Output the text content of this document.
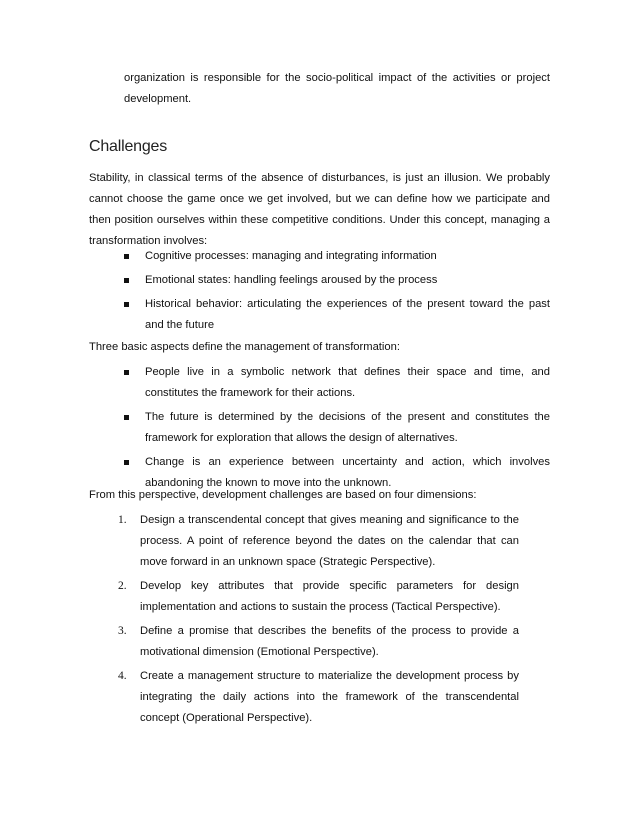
organization is responsible for the socio-political impact of the activities or project development.

Challenges

Stability, in classical terms of the absence of disturbances, is just an illusion. We probably cannot choose the game once we get involved, but we can define how we participate and then position ourselves within these competitive conditions. Under this concept, managing a transformation involves:

Cognitive processes: managing and integrating information
Emotional states: handling feelings aroused by the process
Historical behavior: articulating the experiences of the present toward the past and the future

Three basic aspects define the management of transformation:

People live in a symbolic network that defines their space and time, and constitutes the framework for their actions.
The future is determined by the decisions of the present and constitutes the framework for exploration that allows the design of alternatives.
Change is an experience between uncertainty and action, which involves abandoning the known to move into the unknown.

From this perspective, development challenges are based on four dimensions:

1. Design a transcendental concept that gives meaning and significance to the process. A point of reference beyond the dates on the calendar that can move forward in an unknown space (Strategic Perspective).
2. Develop key attributes that provide specific parameters for design implementation and actions to sustain the process (Tactical Perspective).
3. Define a promise that describes the benefits of the process to provide a motivational dimension (Emotional Perspective).
4. Create a management structure to materialize the development process by integrating the daily actions into the framework of the transcendental concept (Operational Perspective).
